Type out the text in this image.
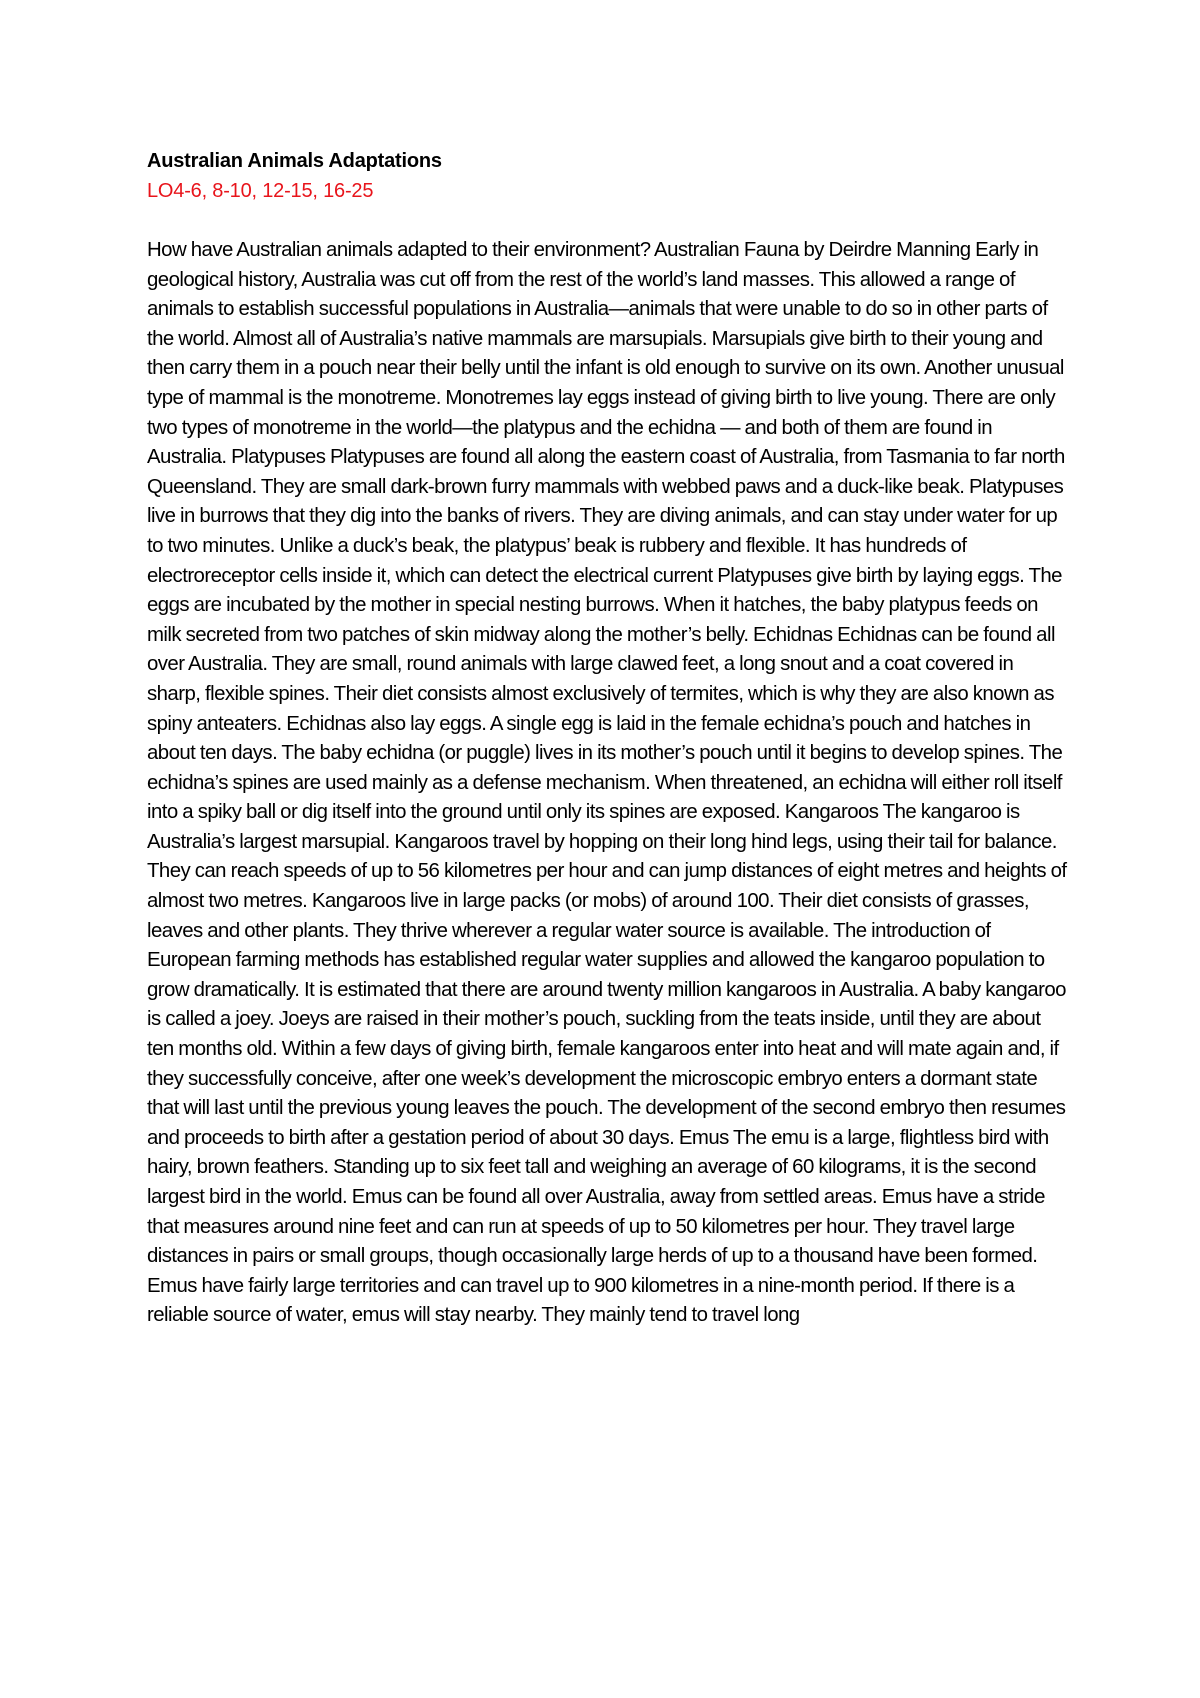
Australian Animals Adaptations

LO4-6, 8-10, 12-15, 16-25

How have Australian animals adapted to their environment? Australian Fauna by Deirdre Manning Early in geological history, Australia was cut off from the rest of the world’s land masses. This allowed a range of animals to establish successful populations in Australia—animals that were unable to do so in other parts of the world. Almost all of Australia’s native mammals are marsupials. Marsupials give birth to their young and then carry them in a pouch near their belly until the infant is old enough to survive on its own. Another unusual type of mammal is the monotreme. Monotremes lay eggs instead of giving birth to live young. There are only two types of monotreme in the world—the platypus and the echidna — and both of them are found in Australia. Platypuses Platypuses are found all along the eastern coast of Australia, from Tasmania to far north Queensland. They are small dark-brown furry mammals with webbed paws and a duck-like beak. Platypuses live in burrows that they dig into the banks of rivers. They are diving animals, and can stay under water for up to two minutes. Unlike a duck’s beak, the platypus’ beak is rubbery and flexible. It has hundreds of electroreceptor cells inside it, which can detect the electrical current Platypuses give birth by laying eggs. The eggs are incubated by the mother in special nesting burrows. When it hatches, the baby platypus feeds on milk secreted from two patches of skin midway along the mother’s belly. Echidnas Echidnas can be found all over Australia. They are small, round animals with large clawed feet, a long snout and a coat covered in sharp, flexible spines. Their diet consists almost exclusively of termites, which is why they are also known as spiny anteaters. Echidnas also lay eggs. A single egg is laid in the female echidna’s pouch and hatches in about ten days. The baby echidna (or puggle) lives in its mother’s pouch until it begins to develop spines. The echidna’s spines are used mainly as a defense mechanism. When threatened, an echidna will either roll itself into a spiky ball or dig itself into the ground until only its spines are exposed. Kangaroos The kangaroo is Australia’s largest marsupial. Kangaroos travel by hopping on their long hind legs, using their tail for balance. They can reach speeds of up to 56 kilometres per hour and can jump distances of eight metres and heights of almost two metres. Kangaroos live in large packs (or mobs) of around 100. Their diet consists of grasses, leaves and other plants. They thrive wherever a regular water source is available. The introduction of European farming methods has established regular water supplies and allowed the kangaroo population to grow dramatically. It is estimated that there are around twenty million kangaroos in Australia. A baby kangaroo is called a joey. Joeys are raised in their mother’s pouch, suckling from the teats inside, until they are about ten months old. Within a few days of giving birth, female kangaroos enter into heat and will mate again and, if they successfully conceive, after one week’s development the microscopic embryo enters a dormant state that will last until the previous young leaves the pouch. The development of the second embryo then resumes and proceeds to birth after a gestation period of about 30 days. Emus The emu is a large, flightless bird with hairy, brown feathers. Standing up to six feet tall and weighing an average of 60 kilograms, it is the second largest bird in the world. Emus can be found all over Australia, away from settled areas. Emus have a stride that measures around nine feet and can run at speeds of up to 50 kilometres per hour. They travel large distances in pairs or small groups, though occasionally large herds of up to a thousand have been formed. Emus have fairly large territories and can travel up to 900 kilometres in a nine-month period. If there is a reliable source of water, emus will stay nearby. They mainly tend to travel long
